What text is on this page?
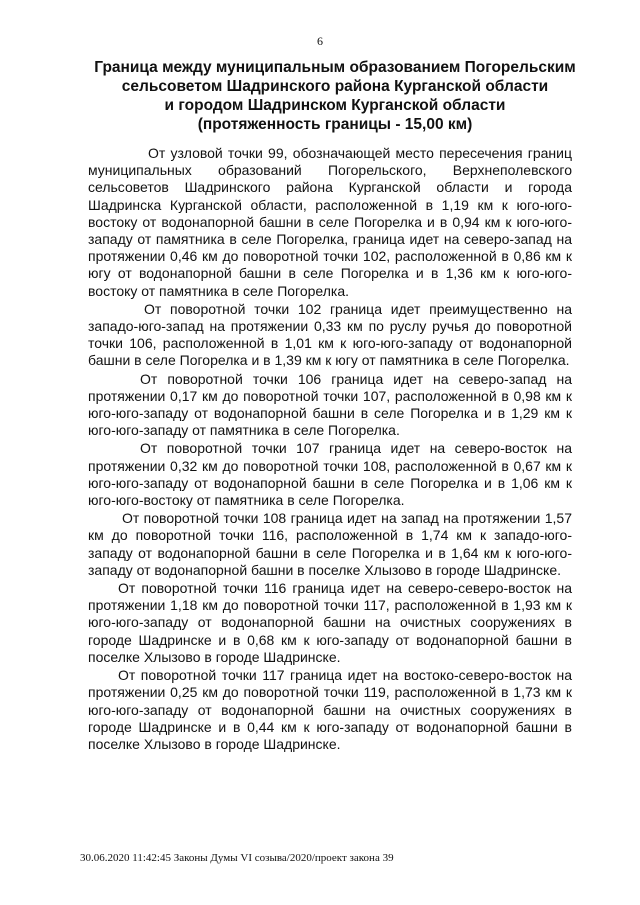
6
Граница между муниципальным образованием Погорельским
сельсоветом Шадринского района Курганской области
и городом Шадринском Курганской области
(протяженность границы - 15,00 км)

От узловой точки 99, обозначающей место пересечения границ муниципальных образований Погорельского, Верхнеполевского сельсоветов Шадринского района Курганской области и города Шадринска Курганской области, расположенной в 1,19 км к юго-юго-востоку от водонапорной башни в селе Погорелка и в 0,94 км к юго-юго-западу от памятника в селе Погорелка, граница идет на северо-запад на протяжении 0,46 км до поворотной точки 102, расположенной в 0,86 км к югу от водонапорной башни в селе Погорелка и в 1,36 км к юго-юго-востоку от памятника в селе Погорелка.

От поворотной точки 102 граница идет преимущественно на западо-юго-запад на протяжении 0,33 км по руслу ручья до поворотной точки 106, расположенной в 1,01 км к юго-юго-западу от водонапорной башни в селе Погорелка и в 1,39 км к югу от памятника в селе Погорелка.

От поворотной точки 106 граница идет на северо-запад на протяжении 0,17 км до поворотной точки 107, расположенной в 0,98 км к юго-юго-западу от водонапорной башни в селе Погорелка и в 1,29 км к юго-юго-западу от памятника в селе Погорелка.

От поворотной точки 107 граница идет на северо-восток на протяжении 0,32 км до поворотной точки 108, расположенной в 0,67 км к юго-юго-западу от водонапорной башни в селе Погорелка и в 1,06 км к юго-юго-востоку от памятника в селе Погорелка.

От поворотной точки 108 граница идет на запад на протяжении 1,57 км до поворотной точки 116, расположенной в 1,74 км к западо-юго-западу от водонапорной башни в селе Погорелка и в 1,64 км к юго-юго-западу от водонапорной башни в поселке Хлызово в городе Шадринске.

От поворотной точки 116 граница идет на северо-северо-восток на протяжении 1,18 км до поворотной точки 117, расположенной в 1,93 км к юго-юго-западу от водонапорной башни на очистных сооружениях в городе Шадринске и в 0,68 км к юго-западу от водонапорной башни в поселке Хлызово в городе Шадринске.

От поворотной точки 117 граница идет на востоко-северо-восток на протяжении 0,25 км до поворотной точки 119, расположенной в 1,73 км к юго-юго-западу от водонапорной башни на очистных сооружениях в городе Шадринске и в 0,44 км к юго-западу от водонапорной башни в поселке Хлызово в городе Шадринске.

30.06.2020 11:42:45 Законы Думы VI созыва/2020/проект закона 39
